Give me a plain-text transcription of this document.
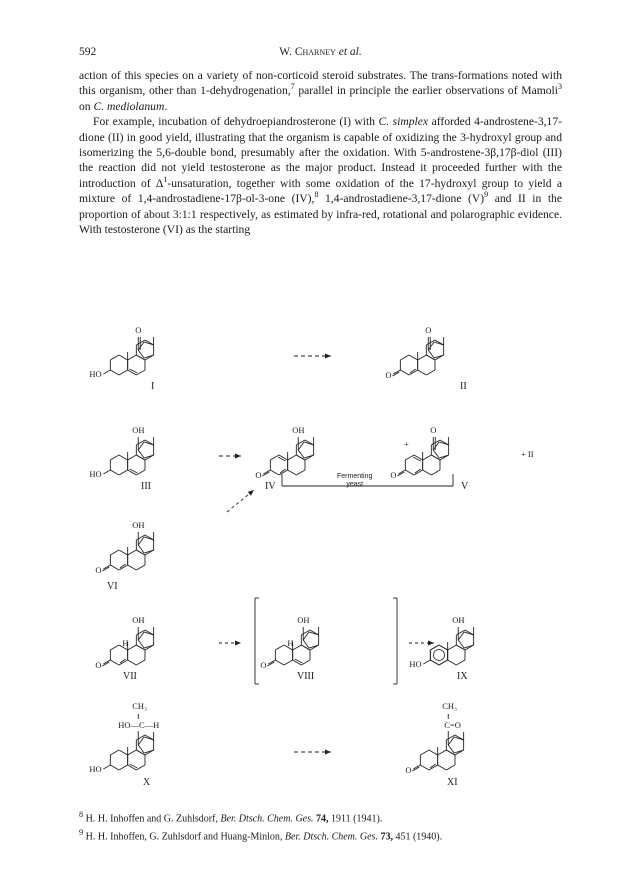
592	W. Charney et al.

action of this species on a variety of non-corticoid steroid substrates. The trans-formations noted with this organism, other than 1-dehydrogenation,$^7$ parallel in principle the earlier observations of Mamoli$^3$ on C. mediolanum.

For example, incubation of dehydroepiandrosterone (I) with C. simplex afforded 4-androstene-3,17-dione (II) in good yield, illustrating that the organism is capable of oxidizing the 3-hydroxyl group and isomerizing the 5,6-double bond, presumably after the oxidation. With 5-androstene-3β,17β-diol (III) the reaction did not yield testosterone as the major product. Instead it proceeded further with the introduction of $\Delta^1$-unsaturation, together with some oxidation of the 17-hydroxyl group to yield a mixture of 1,4-androstadiene-17β-ol-3-one (IV),$^8$ 1,4-androstadiene-3,17-dione $(V)^9$ and II in the proportion of about 3:1:1 respectively, as estimated by infra-red, rotational and polarographic evidence. With testosterone (VI) as the starting

HO
O
I
O
O
II
HO
OH
III
O
OH
IV
+
O
O
V
+ II
Fermenting
yeast
O
OH
VI
O
OH
H
VII
O
OH
H
VIII
HO
OH
IX
HO
HO—C—H
CH₃
X
O
C=O
CH₃
XI

$^8$ H. H. Inhoffen and G. Zuhlsdorf, Ber. Dtsch. Chem. Ges. 74, 1911 (1941).

$^9$ H. H. Inhoffen, G. Zuhlsdorf and Huang-Minlon, Ber. Dtsch. Chem. Ges. 73, 451 (1940).
